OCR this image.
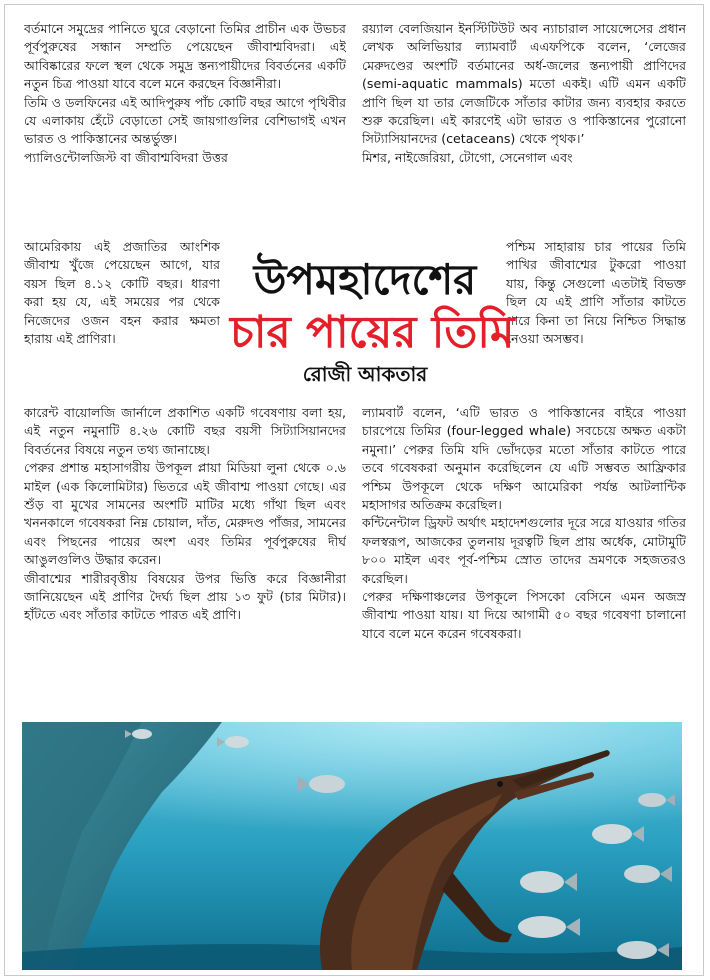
বর্তমানে সমুদ্রের পানিতে ঘুরে বেড়ানো তিমির প্রাচীন এক উভচর পূর্বপুরুষের সন্ধান সম্প্রতি পেয়েছেন জীবাশ্মবিদরা। এই আবিষ্কারের ফলে স্থল থেকে সমুদ্র স্তন্যপায়ীদের বিবর্তনের একটি নতুন চিত্র পাওয়া যাবে বলে মনে করছেন বিজ্ঞানীরা।

তিমি ও ডলফিনের এই আদিপুরুষ পাঁচ কোটি বছর আগে পৃথিবীর যে এলাকায় হেঁটে বেড়াতো সেই জায়গাগুলির বেশিভাগই এখন ভারত ও পাকিস্তানের অন্তর্ভুক্ত।

প্যালিওন্টোলজিস্ট বা জীবাশ্মবিদরা উত্তর

আমেরিকায় এই প্রজাতির আংশিক জীবাশ্ম খুঁজে পেয়েছেন আগে, যার বয়স ছিল ৪.১২ কোটি বছর। ধারণা করা হয় যে, এই সময়ের পর থেকে নিজেদের ওজন বহন করার ক্ষমতা হারায় এই প্রাণিরা।

কারেন্ট বায়োলজি জার্নালে প্রকাশিত একটি গবেষণায় বলা হয়, এই নতুন নমুনাটি ৪.২৬ কোটি বছর বয়সী সিট্যাসিয়ানদের বিবর্তনের বিষয়ে নতুন তথ্য জানাচ্ছে।

পেরুর প্রশান্ত মহাসাগরীয় উপকূল প্লায়া মিডিয়া লুনা থেকে ০.৬ মাইল (এক কিলোমিটার) ভিতরে এই জীবাশ্ম পাওয়া গেছে। এর শুঁড় বা মুখের সামনের অংশটি মাটির মধ্যে গাঁথা ছিল এবং খননকালে গবেষকরা নিম্ন চোয়াল, দাঁত, মেরুদণ্ড পাঁজর, সামনের এবং পিছনের পায়ের অংশ এবং তিমির পূর্বপুরুষের দীর্ঘ আঙুলগুলিও উদ্ধার করেন।

জীবাশ্মের শারীরবৃত্তীয় বিষয়ের উপর ভিত্তি করে বিজ্ঞানীরা জানিয়েছেন এই প্রাণির দৈর্ঘ্য ছিল প্রায় ১৩ ফুট (চার মিটার)। হাঁটতে এবং সাঁতার কাটতে পারত এই প্রাণি।

রয়্যাল বেলজিয়ান ইনস্টিটিউট অব ন্যাচারাল সায়েন্সেসের প্রধান লেখক অলিভিয়ার ল্যামবার্ট এএফপিকে বলেন, ‘লেজের মেরুদণ্ডের অংশটি বর্তমানের অর্ধ-জলের স্তন্যপায়ী প্রাণিদের (semi-aquatic mammals) মতো একই। এটি এমন একটি প্রাণি ছিল যা তার লেজটিকে সাঁতার কাটার জন্য ব্যবহার করতে শুরু করেছিল। এই কারণেই এটা ভারত ও পাকিস্তানের পুরোনো সিট্যাসিয়ানদের (cetaceans) থেকে পৃথক।’

মিশর, নাইজেরিয়া, টোগো, সেনেগাল এবং

পশ্চিম সাহারায় চার পায়ের তিমি পাখির জীবাশ্মের টুকরো পাওয়া যায়, কিন্তু সেগুলো এতটাই বিভক্ত ছিল যে এই প্রাণি সাঁতার কাটতে পারে কিনা তা নিয়ে নিশ্চিত সিদ্ধান্ত নেওয়া অসম্ভব।

ল্যামবার্ট বলেন, ‘এটি ভারত ও পাকিস্তানের বাইরে পাওয়া চারপেয়ে তিমির (four-legged whale) সবচেয়ে অক্ষত একটা নমুনা।’ পেরুর তিমি যদি ভোঁদড়ের মতো সাঁতার কাটতে পারে তবে গবেষকরা অনুমান করেছিলেন যে এটি সম্ভবত আফ্রিকার পশ্চিম উপকূলে থেকে দক্ষিণ আমেরিকা পর্যন্ত আটলান্টিক মহাসাগর অতিক্রম করেছিল।

কন্টিনেন্টাল ড্রিফট অর্থাৎ মহাদেশগুলোর দূরে সরে যাওয়ার গতির ফলস্বরূপ, আজকের তুলনায় দূরত্বটি ছিল প্রায় অর্ধেক, মোটামুটি ৮০০ মাইল এবং পূর্ব-পশ্চিম স্রোত তাদের ভ্রমণকে সহজতরও করেছিল।

পেরুর দক্ষিণাঞ্চলের উপকূলে পিসকো বেসিনে এমন অজস্র জীবাশ্ম পাওয়া যায়। যা দিয়ে আগামী ৫০ বছর গবেষণা চালানো যাবে বলে মনে করেন গবেষকরা।

উপমহাদেশের
চার পায়ের তিমি
রোজী আকতার
